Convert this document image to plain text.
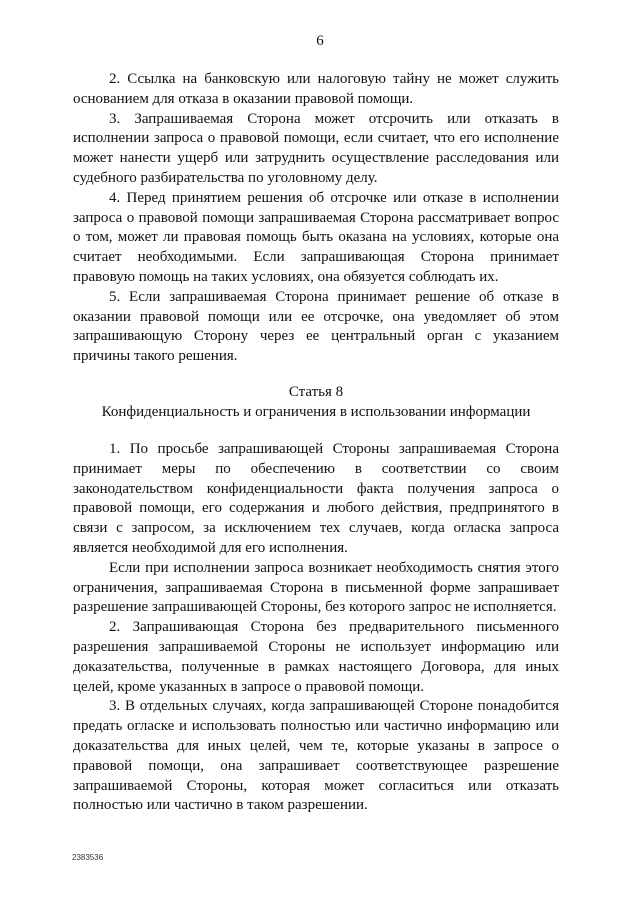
6

2. Ссылка на банковскую или налоговую тайну не может служить основанием для отказа в оказании правовой помощи.

3. Запрашиваемая Сторона может отсрочить или отказать в исполнении запроса о правовой помощи, если считает, что его исполнение может нанести ущерб или затруднить осуществление расследования или судебного разбирательства по уголовному делу.

4. Перед принятием решения об отсрочке или отказе в исполнении запроса о правовой помощи запрашиваемая Сторона рассматривает вопрос о том, может ли правовая помощь быть оказана на условиях, которые она считает необходимыми. Если запрашивающая Сторона принимает правовую помощь на таких условиях, она обязуется соблюдать их.

5. Если запрашиваемая Сторона принимает решение об отказе в оказании правовой помощи или ее отсрочке, она уведомляет об этом запрашивающую Сторону через ее центральный орган с указанием причины такого решения.

Статья 8
Конфиденциальность и ограничения в использовании информации

1. По просьбе запрашивающей Стороны запрашиваемая Сторона принимает меры по обеспечению в соответствии со своим законодательством конфиденциальности факта получения запроса о правовой помощи, его содержания и любого действия, предпринятого в связи с запросом, за исключением тех случаев, когда огласка запроса является необходимой для его исполнения.

Если при исполнении запроса возникает необходимость снятия этого ограничения, запрашиваемая Сторона в письменной форме запрашивает разрешение запрашивающей Стороны, без которого запрос не исполняется.

2. Запрашивающая Сторона без предварительного письменного разрешения запрашиваемой Стороны не использует информацию или доказательства, полученные в рамках настоящего Договора, для иных целей, кроме указанных в запросе о правовой помощи.

3. В отдельных случаях, когда запрашивающей Стороне понадобится предать огласке и использовать полностью или частично информацию или доказательства для иных целей, чем те, которые указаны в запросе о правовой помощи, она запрашивает соответствующее разрешение запрашиваемой Стороны, которая может согласиться или отказать полностью или частично в таком разрешении.

2383536
